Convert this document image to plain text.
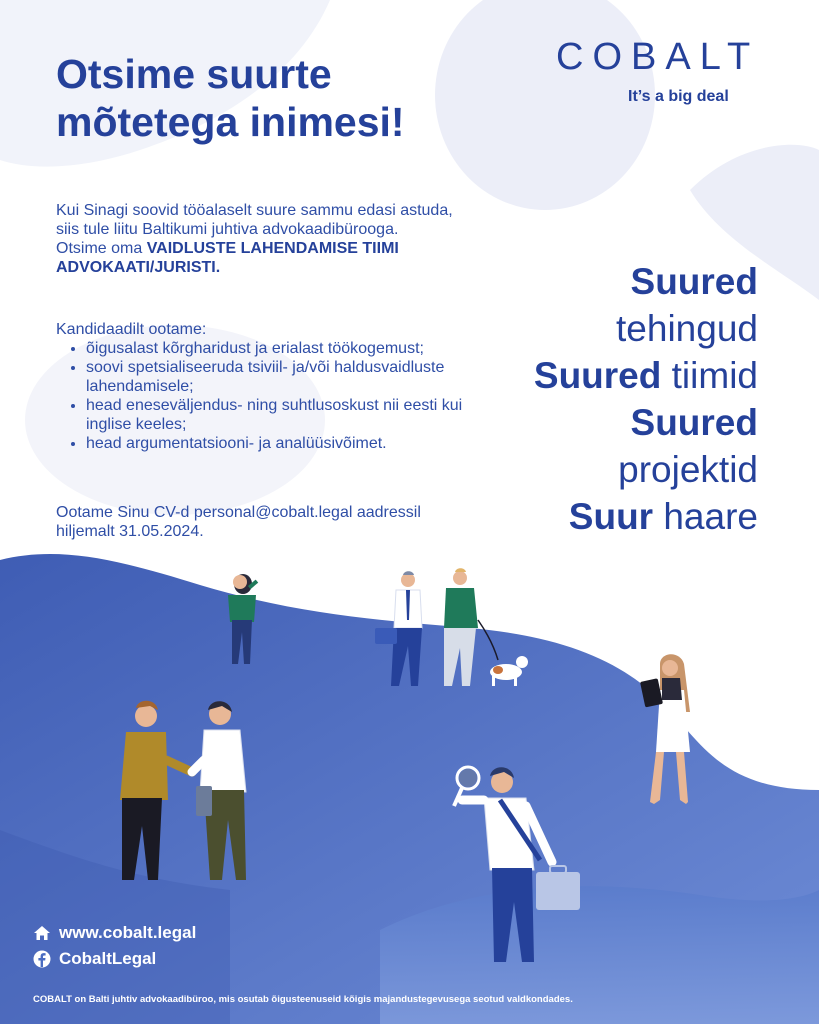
Otsime suurte
mõtetega inimesi!
COBALT
It’s a big deal

Kui Sinagi soovid tööalaselt suure sammu edasi astuda, siis tule liitu Baltikumi juhtiva advokaadibürooga.

Otsime oma VAIDLUSTE LAHENDAMISE TIIMI ADVOKAATI/JURISTI.

Kandidaadilt ootame:

• õigusalast kõrgharidust ja erialast töökogemust;
• soovi spetsialiseeruda tsiviil- ja/või haldusvaidluste lahendamisele;
• head eneseväljendus- ning suhtlusoskust nii eesti kui inglise keeles;
• head argumentatsiooni- ja analüüsivõimet.

Ootame Sinu CV-d personal@cobalt.legal aadressil hiljemalt 31.05.2024.

Suured
tehingud
Suured tiimid
Suured
projektid
Suur haare
www.cobalt.legal
CobaltLegal
COBALT on Balti juhtiv advokaadibüroo, mis osutab õigusteenuseid kõigis majandustegevusega seotud valdkondades.
